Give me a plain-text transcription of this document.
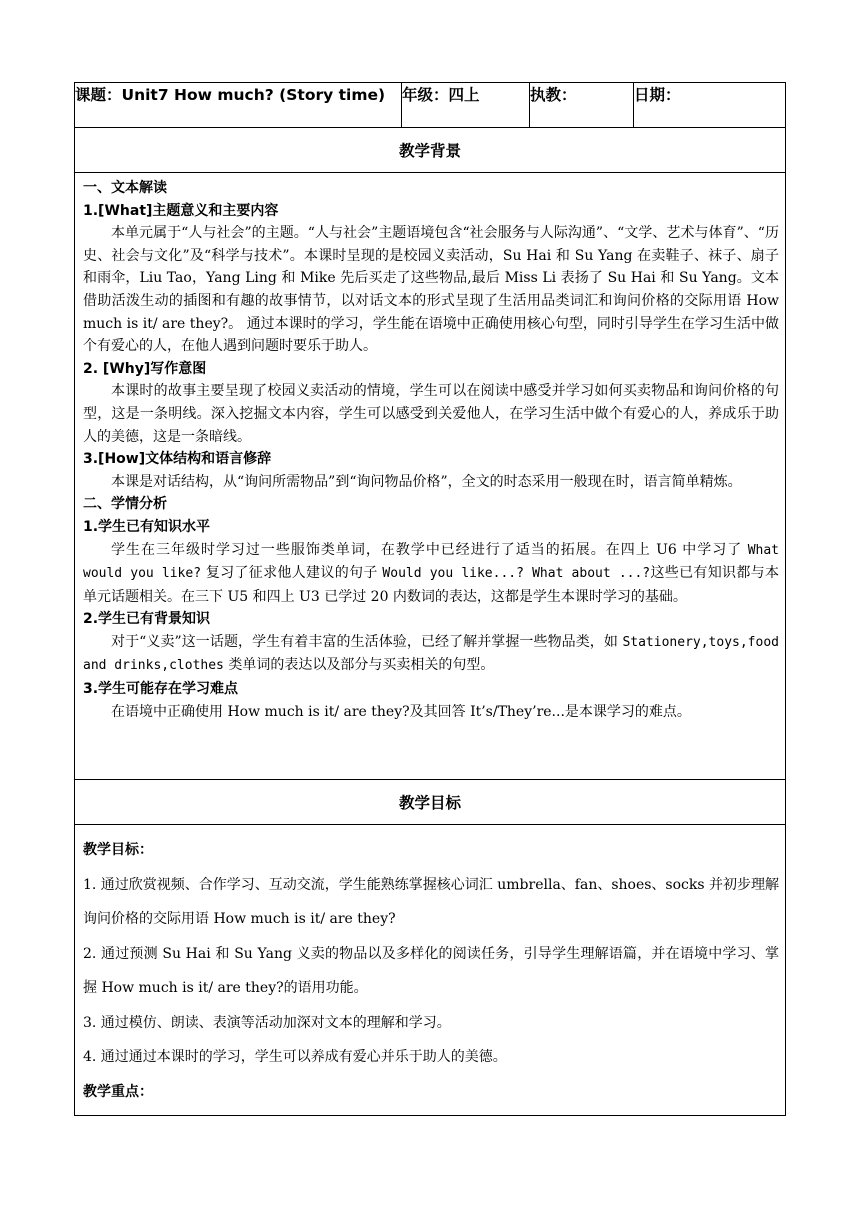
课题：Unit7 How much? (Story time)	年级：四上	执教：	日期：
教学背景

一、文本解读
1.[What]主题意义和主要内容
本单元属于“人与社会”的主题。“人与社会”主题语境包含“社会服务与人际沟通”、“文学、艺术与体育”、“历史、社会与文化”及“科学与技术”。本课时呈现的是校园义卖活动，Su Hai 和 Su Yang 在卖鞋子、袜子、扇子和雨伞，Liu Tao，Yang Ling 和 Mike 先后买走了这些物品,最后 Miss Li 表扬了 Su Hai 和 Su Yang。文本借助活泼生动的插图和有趣的故事情节，以对话文本的形式呈现了生活用品类词汇和询问价格的交际用语 How much is it/ are they?。 通过本课时的学习，学生能在语境中正确使用核心句型，同时引导学生在学习生活中做个有爱心的人，在他人遇到问题时要乐于助人。
2. [Why]写作意图
本课时的故事主要呈现了校园义卖活动的情境，学生可以在阅读中感受并学习如何买卖物品和询问价格的句型，这是一条明线。深入挖掘文本内容，学生可以感受到关爱他人，在学习生活中做个有爱心的人，养成乐于助人的美德，这是一条暗线。
3.[How]文体结构和语言修辞
本课是对话结构，从“询问所需物品”到“询问物品价格”，全文的时态采用一般现在时，语言简单精炼。
二、学情分析
1.学生已有知识水平
学生在三年级时学习过一些服饰类单词，在教学中已经进行了适当的拓展。在四上 U6 中学习了 What would you like? 复习了征求他人建议的句子 Would you like...? What about ...?这些已有知识都与本单元话题相关。在三下 U5 和四上 U3 已学过 20 内数词的表达，这都是学生本课时学习的基础。
2.学生已有背景知识
对于“义卖”这一话题，学生有着丰富的生活体验，已经了解并掌握一些物品类，如 Stationery,toys,food and drinks,clothes 类单词的表达以及部分与买卖相关的句型。
3.学生可能存在学习难点
在语境中正确使用 How much is it/ are they?及其回答 It’s/They’re...是本课学习的难点。

教学目标

教学目标：
1. 通过欣赏视频、合作学习、互动交流，学生能熟练掌握核心词汇 umbrella、fan、shoes、socks 并初步理解询问价格的交际用语 How much is it/ are they?
2. 通过预测 Su Hai 和 Su Yang 义卖的物品以及多样化的阅读任务，引导学生理解语篇，并在语境中学习、掌握 How much is it/ are they?的语用功能。
3. 通过模仿、朗读、表演等活动加深对文本的理解和学习。
4. 通过通过本课时的学习，学生可以养成有爱心并乐于助人的美德。
教学重点：
